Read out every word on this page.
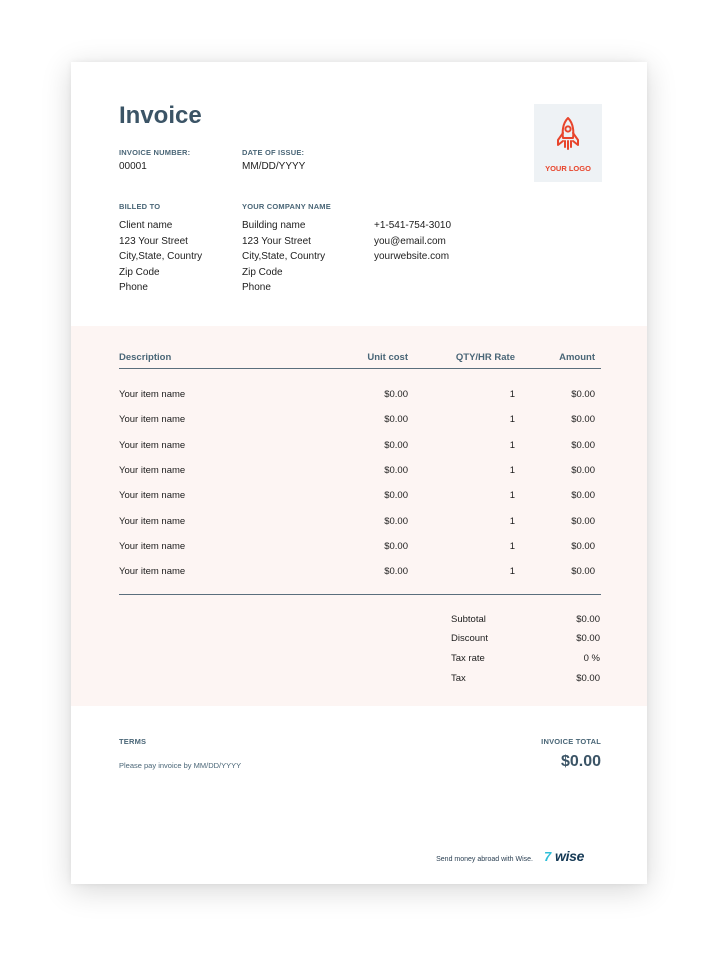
Invoice
INVOICE NUMBER:
00001
DATE OF ISSUE:
MM/DD/YYYY	YOUR LOGO
BILLED TO
Client name
123 Your Street
City,State, Country
Zip Code
Phone
YOUR COMPANY NAME
Building name
123 Your Street
City,State, Country
Zip Code
Phone
+1-541-754-3010
you@email.com
yourwebsite.com
Description	Unit cost	QTY/HR Rate	Amount
Your item name	$0.00	1	$0.00
Your item name	$0.00	1	$0.00
Your item name	$0.00	1	$0.00
Your item name	$0.00	1	$0.00
Your item name	$0.00	1	$0.00
Your item name	$0.00	1	$0.00
Your item name	$0.00	1	$0.00
Your item name	$0.00	1	$0.00
Subtotal	$0.00
Discount	$0.00
Tax rate	0 %
Tax	$0.00
TERMS
Please pay invoice by MM/DD/YYYY
INVOICE TOTAL
$0.00
Send money abroad with Wise. 7 wise
